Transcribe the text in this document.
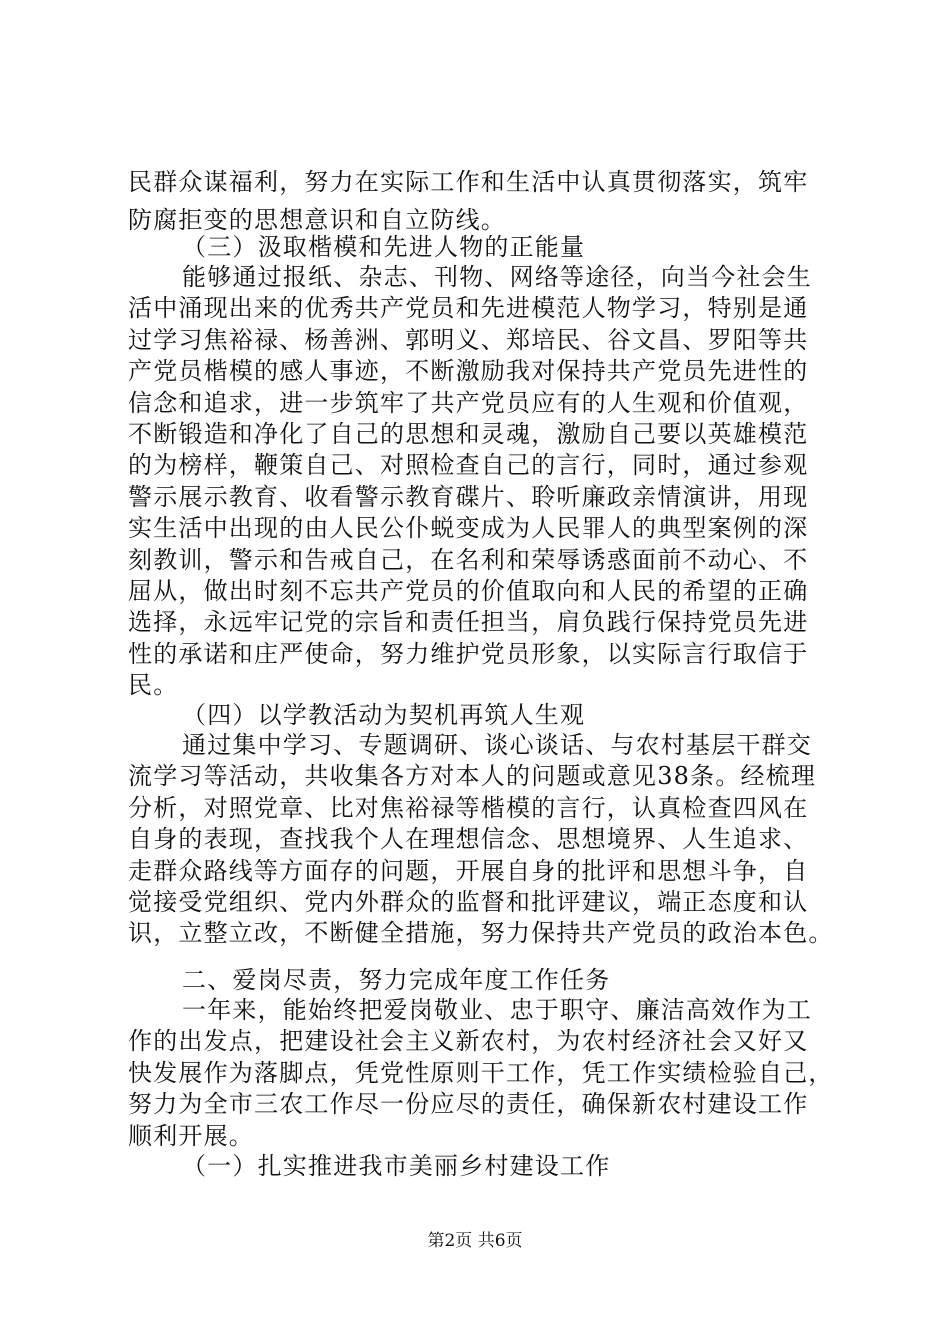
民群众谋福利，努力在实际工作和生活中认真贯彻落实，筑牢
防腐拒变的思想意识和自立防线。
（三）汲取楷模和先进人物的正能量
能够通过报纸、杂志、刊物、网络等途径，向当今社会生
活中涌现出来的优秀共产党员和先进模范人物学习，特别是通
过学习焦裕禄、杨善洲、郭明义、郑培民、谷文昌、罗阳等共
产党员楷模的感人事迹，不断激励我对保持共产党员先进性的
信念和追求，进一步筑牢了共产党员应有的人生观和价值观，
不断锻造和净化了自己的思想和灵魂，激励自己要以英雄模范
的为榜样，鞭策自己、对照检查自己的言行，同时，通过参观
警示展示教育、收看警示教育碟片、聆听廉政亲情演讲，用现
实生活中出现的由人民公仆蜕变成为人民罪人的典型案例的深
刻教训，警示和告戒自己，在名利和荣辱诱惑面前不动心、不
屈从，做出时刻不忘共产党员的价值取向和人民的希望的正确
选择，永远牢记党的宗旨和责任担当，肩负践行保持党员先进
性的承诺和庄严使命，努力维护党员形象，以实际言行取信于
民。
（四）以学教活动为契机再筑人生观
通过集中学习、专题调研、谈心谈话、与农村基层干群交
流学习等活动，共收集各方对本人的问题或意见38条。经梳理
分析，对照党章、比对焦裕禄等楷模的言行，认真检查四风在
自身的表现，查找我个人在理想信念、思想境界、人生追求、
走群众路线等方面存的问题，开展自身的批评和思想斗争，自
觉接受党组织、党内外群众的监督和批评建议，端正态度和认
识，立整立改，不断健全措施，努力保持共产党员的政治本色。
二、爱岗尽责，努力完成年度工作任务
一年来，能始终把爱岗敬业、忠于职守、廉洁高效作为工
作的出发点，把建设社会主义新农村，为农村经济社会又好又
快发展作为落脚点，凭党性原则干工作，凭工作实绩检验自己，
努力为全市三农工作尽一份应尽的责任，确保新农村建设工作
顺利开展。
（一）扎实推进我市美丽乡村建设工作
第2页 共6页
